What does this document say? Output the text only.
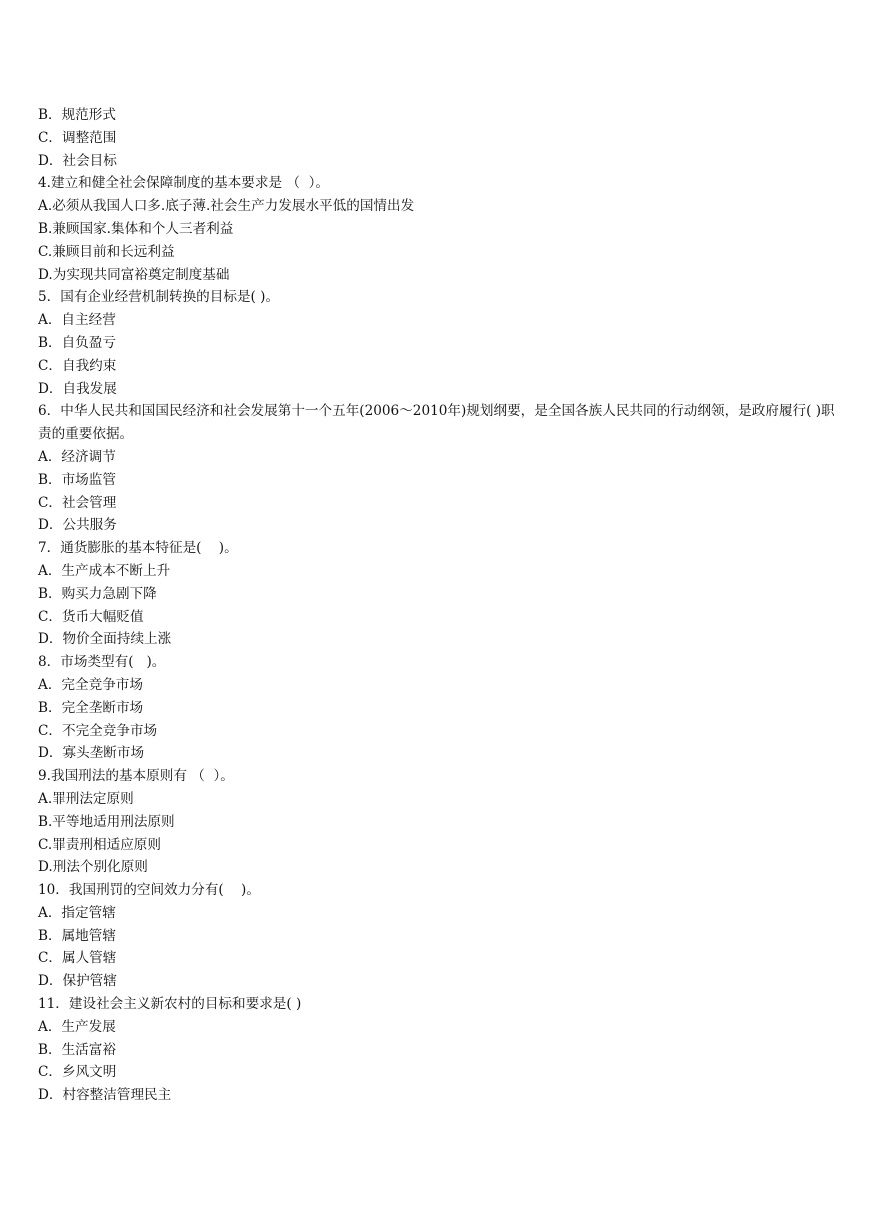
B．规范形式

C．调整范围

D．社会目标

4.建立和健全社会保障制度的基本要求是 （  ）。

A.必须从我国人口多.底子薄.社会生产力发展水平低的国情出发

B.兼顾国家.集体和个人三者利益

C.兼顾目前和长远利益

D.为实现共同富裕奠定制度基础

5．国有企业经营机制转换的目标是( )。

A．自主经营

B．自负盈亏

C．自我约束

D．自我发展

6．中华人民共和国国民经济和社会发展第十一个五年(2006～2010年)规划纲要，是全国各族人民共同的行动纲领，是政府履行( )职责的重要依据。

A．经济调节

B．市场监管

C．社会管理

D．公共服务

7．通货膨胀的基本特征是(    )。

A．生产成本不断上升

B．购买力急剧下降

C．货币大幅贬值

D．物价全面持续上涨

8．市场类型有(   )。

A．完全竞争市场

B．完全垄断市场

C．不完全竞争市场

D．寡头垄断市场

9.我国刑法的基本原则有 （  ）。

A.罪刑法定原则

B.平等地适用刑法原则

C.罪责刑相适应原则

D.刑法个别化原则

10．我国刑罚的空间效力分有(    )。

A．指定管辖

B．属地管辖

C．属人管辖

D．保护管辖

11．建设社会主义新农村的目标和要求是( )

A．生产发展

B．生活富裕

C．乡风文明

D．村容整洁管理民主
